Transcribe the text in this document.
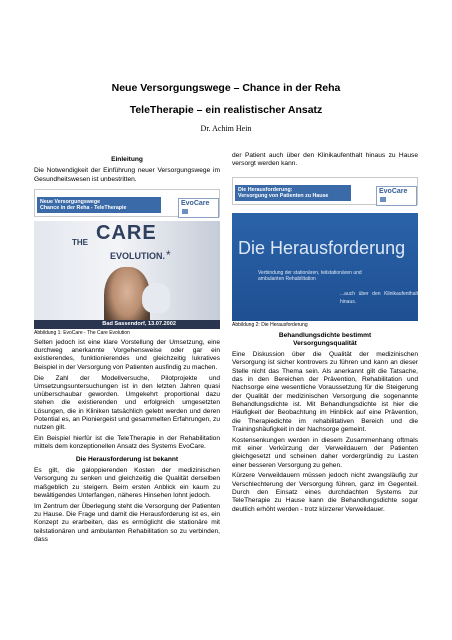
Neue Versorgungswege – Chance in der Reha
TeleTherapie – ein realistischer Ansatz
Dr. Achim Hein
Einleitung

Die Notwendigkeit der Einführung neuer Versorgungswege im Gesundheitswesen ist unbestritten.

Neue Versorgungswege
Chance in der Reha - TeleTherapie
EvoCare
THE CARE
EVOLUTION. *
Bad Sassendorf, 13.07.2002
Abbildung 1: EvoCare - The Care Evolution

Selten jedoch ist eine klare Vorstellung der Umsetzung, eine durchweg anerkannte Vorgehensweise oder gar ein existierendes, funktionierendes und gleichzeitig lukratives Beispiel in der Versorgung von Patienten ausfindig zu machen.

Die Zahl der Modellversuche, Pilotprojekte und Umsetzungsuntersuchungen ist in den letzten Jahren quasi unüberschaubar geworden. Umgekehrt proportional dazu stehen die existierenden und erfolgreich umgesetzten Lösungen, die in Kliniken tatsächlich gelebt werden und deren Potential es, an Pioniergeist und gesammelten Erfahrungen, zu nutzen gilt.

Ein Beispiel hierfür ist die TeleTherapie in der Rehabilitation mittels dem konzeptionellen Ansatz des Systems EvoCare.

Die Herausforderung ist bekannt

Es gilt, die galoppierenden Kosten der medizinischen Versorgung zu senken und gleichzeitig die Qualität derselben maßgeblich zu steigern. Beim ersten Anblick ein kaum zu bewältigendes Unterfangen, näheres Hinsehen lohnt jedoch.

Im Zentrum der Überlegung steht die Versorgung der Patienten zu Hause. Die Frage und damit die Herausforderung ist es, ein Konzept zu erarbeiten, das es ermöglicht die stationäre mit teilstationären und ambulanten Rehabilitation so zu verbinden, dass

der Patient auch über den Klinikaufenthalt hinaus zu Hause versorgt werden kann.

Die Herausforderung:
Versorgung von Patienten zu Hause
EvoCare
Die Herausforderung
Verbindung der stationären, teilstationären und
ambulanten Rehabilitation
...auch über den Klinikaufenthalt hinaus.
Abbildung 2: Die Herausforderung
Behandlungsdichte bestimmt
Versorgungsqualität

Eine Diskussion über die Qualität der medizinischen Versorgung ist sicher kontrovers zu führen und kann an dieser Stelle nicht das Thema sein. Als anerkannt gilt die Tatsache, das in den Bereichen der Prävention, Rehabilitation und Nachsorge eine wesentliche Voraussetzung für die Steigerung der Qualität der medizinischen Versorgung die sogenannte Behandlungsdichte ist. Mit Behandlungsdichte ist hier die Häufigkeit der Beobachtung im Hinblick auf eine Prävention, die Therapiedichte im rehabilitativen Bereich und die Trainingshäufigkeit in der Nachsorge gemeint.

Kostensenkungen werden in diesem Zusammenhang oftmals mit einer Verkürzung der Verweildauern der Patienten gleichgesetzt und scheinen daher vordergründig zu Lasten einer besseren Versorgung zu gehen.

Kürzere Verweildauern müssen jedoch nicht zwangsläufig zur Verschlechterung der Versorgung führen, ganz im Gegenteil. Durch den Einsatz eines durchdachten Systems zur TeleTherapie zu Hause kann die Behandlungsdichte sogar deutlich erhöht werden - trotz kürzerer Verweildauer.
